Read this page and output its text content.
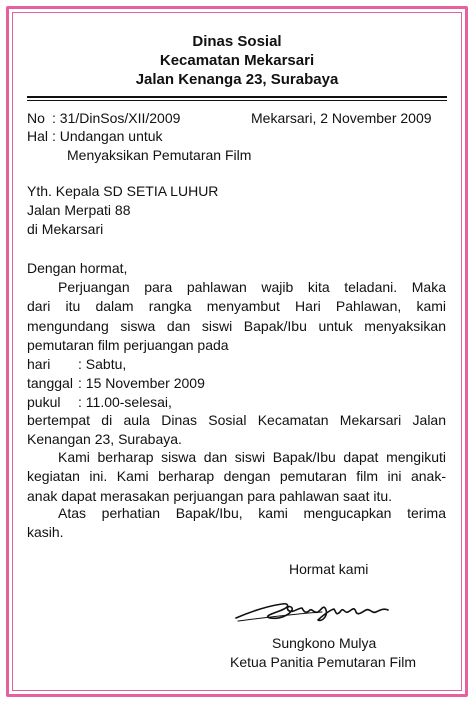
Dinas Sosial
Kecamatan Mekarsari
Jalan Kenanga 23, Surabaya
No : 31/DinSos/XII/2009	Mekarsari, 2 November 2009
Hal : Undangan untuk
Menyaksikan Pemutaran Film
Yth. Kepala SD SETIA LUHUR
Jalan Merpati 88
di Mekarsari
Dengan hormat,
Perjuangan para pahlawan wajib kita teladani. Maka
dari itu dalam rangka menyambut Hari Pahlawan, kami
mengundang siswa dan siswi Bapak/Ibu untuk menyaksikan
pemutaran film perjuangan pada
hari : Sabtu,
tanggal : 15 November 2009
pukul : 11.00-selesai,
bertempat di aula Dinas Sosial Kecamatan Mekarsari Jalan
Kenangan 23, Surabaya.
Kami berharap siswa dan siswi Bapak/Ibu dapat mengikuti
kegiatan ini. Kami berharap dengan pemutaran film ini anak-
anak dapat merasakan perjuangan para pahlawan saat itu.
Atas perhatian Bapak/Ibu, kami mengucapkan terima
kasih.
Hormat kami
Sungkono Mulya
Ketua Panitia Pemutaran Film
